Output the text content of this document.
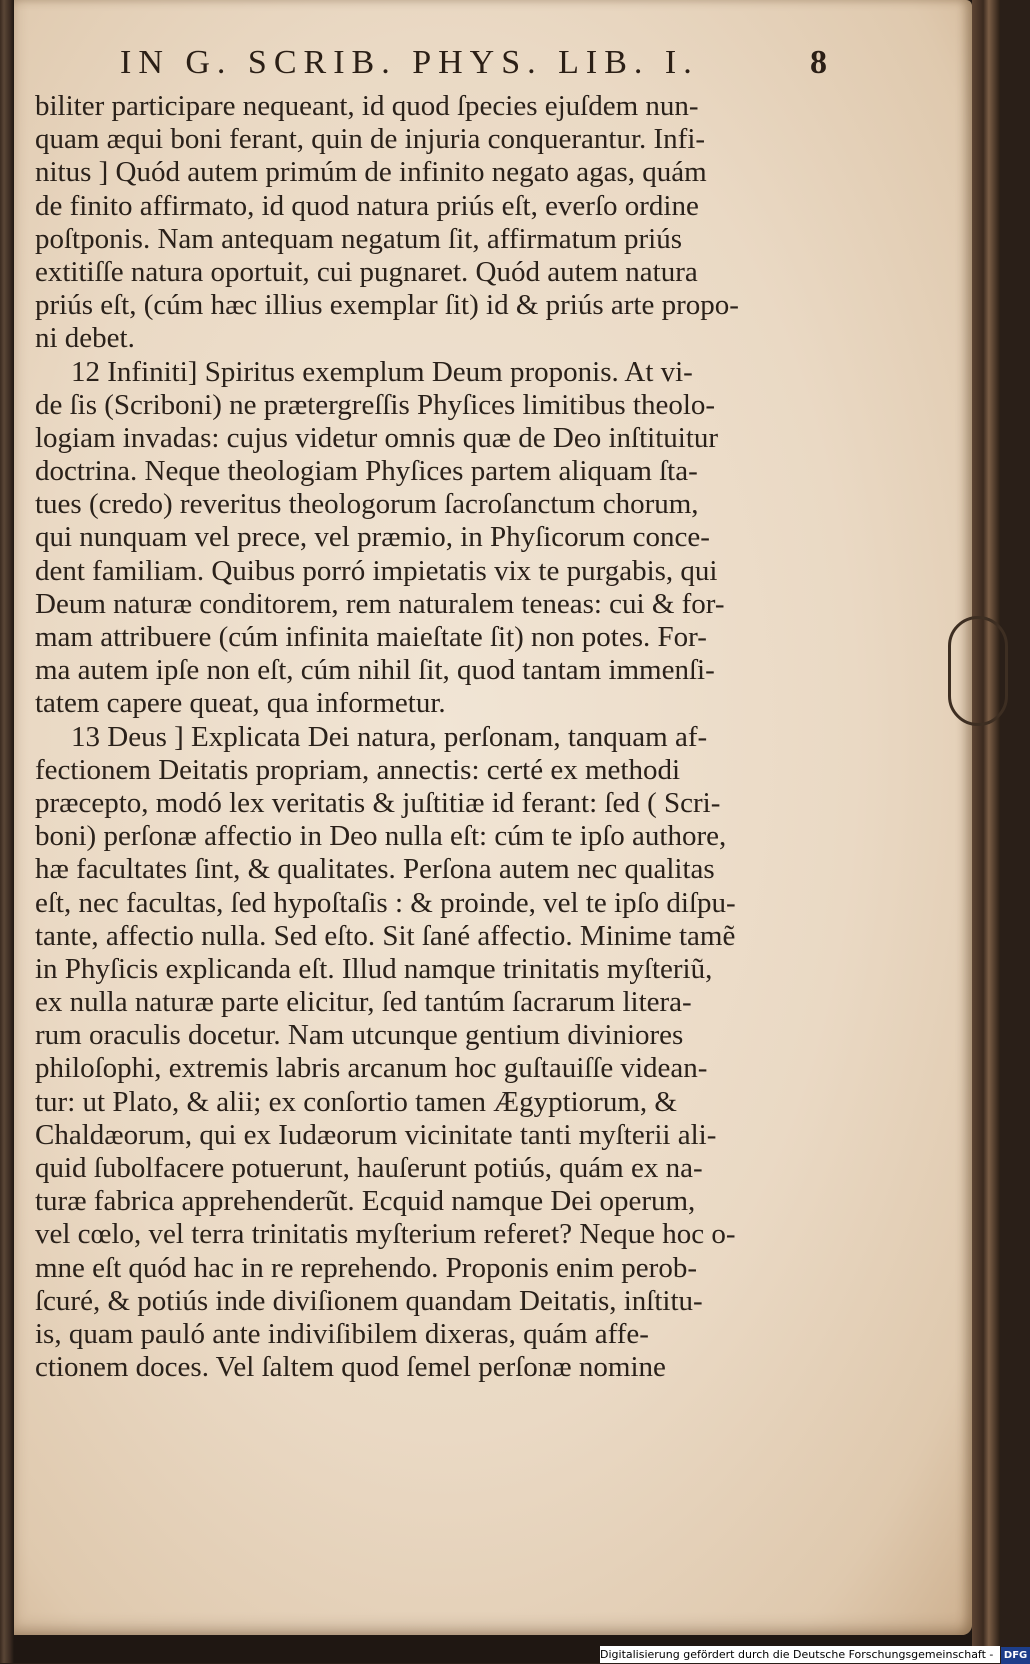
IN G. SCRIB. PHYS. LIB. I.	8
biliter participare nequeant, id quod ſpecies ejuſdem nun-
quam æqui boni ferant, quin de injuria conquerantur. Infi-
nitus ] Quód autem primúm de infinito negato agas, quám
de finito affirmato, id quod natura priús eſt, everſo ordine
poſtponis. Nam antequam negatum ſit, affirmatum priús
extitiſſe natura oportuit, cui pugnaret. Quód autem natura
priús eſt, (cúm hæc illius exemplar ſit) id & priús arte propo-
ni debet.
12 Infiniti] Spiritus exemplum Deum proponis. At vi-
de ſis (Scriboni) ne prætergreſſis Phyſices limitibus theolo-
logiam invadas: cujus videtur omnis quæ de Deo inſtituitur
doctrina. Neque theologiam Phyſices partem aliquam ſta-
tues (credo) reveritus theologorum ſacroſanctum chorum,
qui nunquam vel prece, vel præmio, in Phyſicorum conce-
dent familiam. Quibus porró impietatis vix te purgabis, qui
Deum naturæ conditorem, rem naturalem teneas: cui & for-
mam attribuere (cúm infinita maieſtate ſit) non potes. For-
ma autem ipſe non eſt, cúm nihil ſit, quod tantam immenſi-
tatem capere queat, qua informetur.
13 Deus ] Explicata Dei natura, perſonam, tanquam af-
fectionem Deitatis propriam, annectis: certé ex methodi
præcepto, modó lex veritatis & juſtitiæ id ferant: ſed ( Scri-
boni) perſonæ affectio in Deo nulla eſt: cúm te ipſo authore,
hæ facultates ſint, & qualitates. Perſona autem nec qualitas
eſt, nec facultas, ſed hypoſtaſis : & proinde, vel te ipſo diſpu-
tante, affectio nulla. Sed eſto. Sit ſané affectio. Minime tamẽ
in Phyſicis explicanda eſt. Illud namque trinitatis myſteriũ,
ex nulla naturæ parte elicitur, ſed tantúm ſacrarum litera-
rum oraculis docetur. Nam utcunque gentium diviniores
philoſophi, extremis labris arcanum hoc guſtauiſſe videan-
tur: ut Plato, & alii; ex conſortio tamen Ægyptiorum, &
Chaldæorum, qui ex Iudæorum vicinitate tanti myſterii ali-
quid ſubolfacere potuerunt, hauſerunt potiús, quám ex na-
turæ fabrica apprehenderũt. Ecquid namque Dei operum,
vel cœlo, vel terra trinitatis myſterium referet? Neque hoc o-
mne eſt quód hac in re reprehendo. Proponis enim perob-
ſcuré, & potiús inde diviſionem quandam Deitatis, inſtitu-
is, quam pauló ante indiviſibilem dixeras, quám affe-
ctionem doces. Vel ſaltem quod ſemel perſonæ nomine
Digitalisierung gefördert durch die Deutsche Forschungsgemeinschaft - DFG
